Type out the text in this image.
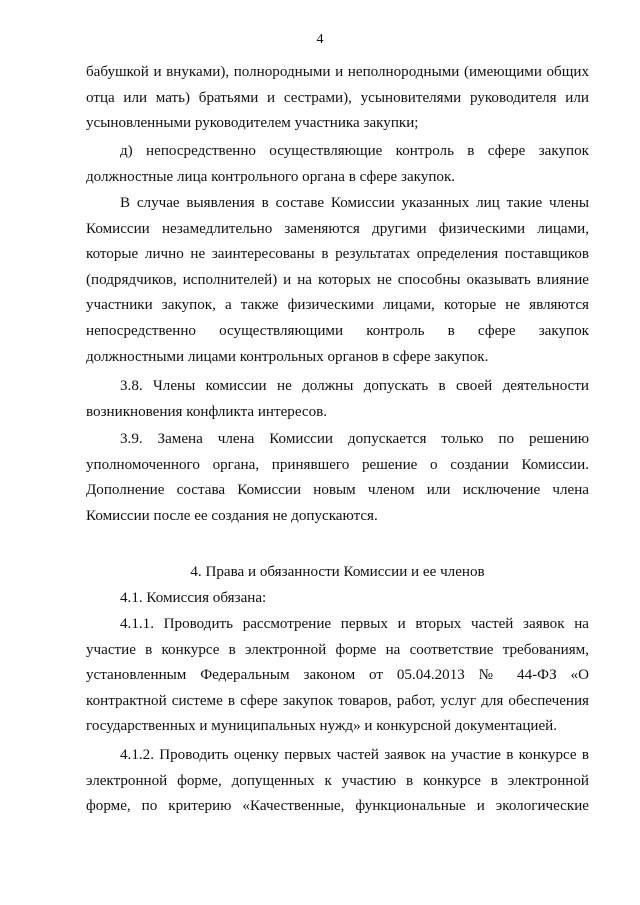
4
бабушкой и внуками), полнородными и неполнородными (имеющими общих
отца или мать) братьями и сестрами), усыновителями руководителя или
усыновленными руководителем участника закупки;
д) непосредственно осуществляющие контроль в сфере закупок
должностные лица контрольного органа в сфере закупок.
В случае выявления в составе Комиссии указанных лиц такие члены
Комиссии незамедлительно заменяются другими физическими лицами,
которые лично не заинтересованы в результатах определения поставщиков
(подрядчиков, исполнителей) и на которых не способны оказывать влияние
участники закупок, а также физическими лицами, которые не являются
непосредственно осуществляющими контроль в сфере закупок
должностными лицами контрольных органов в сфере закупок.
3.8. Члены комиссии не должны допускать в своей деятельности
возникновения конфликта интересов.
3.9. Замена члена Комиссии допускается только по решению
уполномоченного органа, принявшего решение о создании Комиссии.
Дополнение состава Комиссии новым членом или исключение члена
Комиссии после ее создания не допускаются.
4. Права и обязанности Комиссии и ее членов
4.1. Комиссия обязана:
4.1.1. Проводить рассмотрение первых и вторых частей заявок на
участие в конкурсе в электронной форме на соответствие требованиям,
установленным Федеральным законом от 05.04.2013 № 44-ФЗ «О
контрактной системе в сфере закупок товаров, работ, услуг для обеспечения
государственных и муниципальных нужд» и конкурсной документацией.
4.1.2. Проводить оценку первых частей заявок на участие в конкурсе в
электронной форме, допущенных к участию в конкурсе в электронной
форме, по критерию «Качественные, функциональные и экологические
